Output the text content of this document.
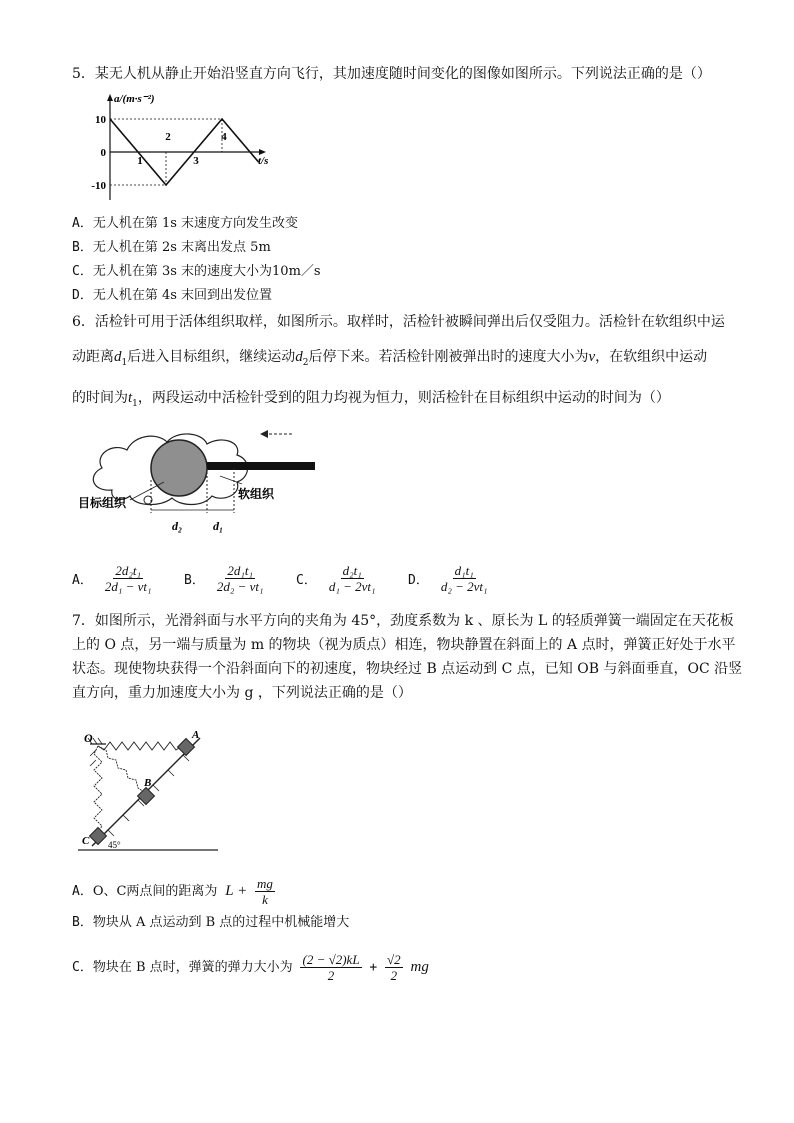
5．某无人机从静止开始沿竖直方向飞行，其加速度随时间变化的图像如图所示。下列说法正确的是（）
a/(m·s⁻²)
t/s
10
0
-10
1
2
3
4
A．无人机在第 1s 末速度方向发生改变
B．无人机在第 2s 末离出发点 5m
C．无人机在第 3s 末的速度大小为10m／s
D．无人机在第 4s 末回到出发位置
6．活检针可用于活体组织取样，如图所示。取样时，活检针被瞬间弹出后仅受阻力。活检针在软组织中运
动距离$d_1$后进入目标组织，继续运动$d_2$后停下来。若活检针刚被弹出时的速度大小为v，在软组织中运动
的时间为$t_1$，两段运动中活检针受到的阻力均视为恒力，则活检针在目标组织中运动的时间为（）
目标组织
软组织
d₂	d₁
A． $\frac{\text{2d₂t₁}}{\text{2d₁ − vt₁}}$ B． $\frac{\text{2d₁t₁}}{\text{2d₂ − vt₁}}$ C． $\frac{\text{d₂t₁}}{\text{d₁ − 2vt₁}}$ D． $\frac{\text{d₁t₁}}{\text{d₂ − 2vt₁}}$
7．如图所示，光滑斜面与水平方向的夹角为 45°，劲度系数为 k 、原长为 L 的轻质弹簧一端固定在天花板
上的 O 点，另一端与质量为 m 的物块（视为质点）相连，物块静置在斜面上的 A 点时，弹簧正好处于水平
状态。现使物块获得一个沿斜面向下的初速度，物块经过 B 点运动到 C 点，已知 OB 与斜面垂直，OC 沿竖
直方向，重力加速度大小为 g ，下列说法正确的是（）
O	A
B
C 45°
A．O、C两点间的距离为 $L + \frac{mg}{k}$
B．物块从 A 点运动到 B 点的过程中机械能增大
C．物块在 B 点时，弹簧的弹力大小为 $\frac{(2 - √2)kL}{2} + \frac{√2}{2}$ mg
